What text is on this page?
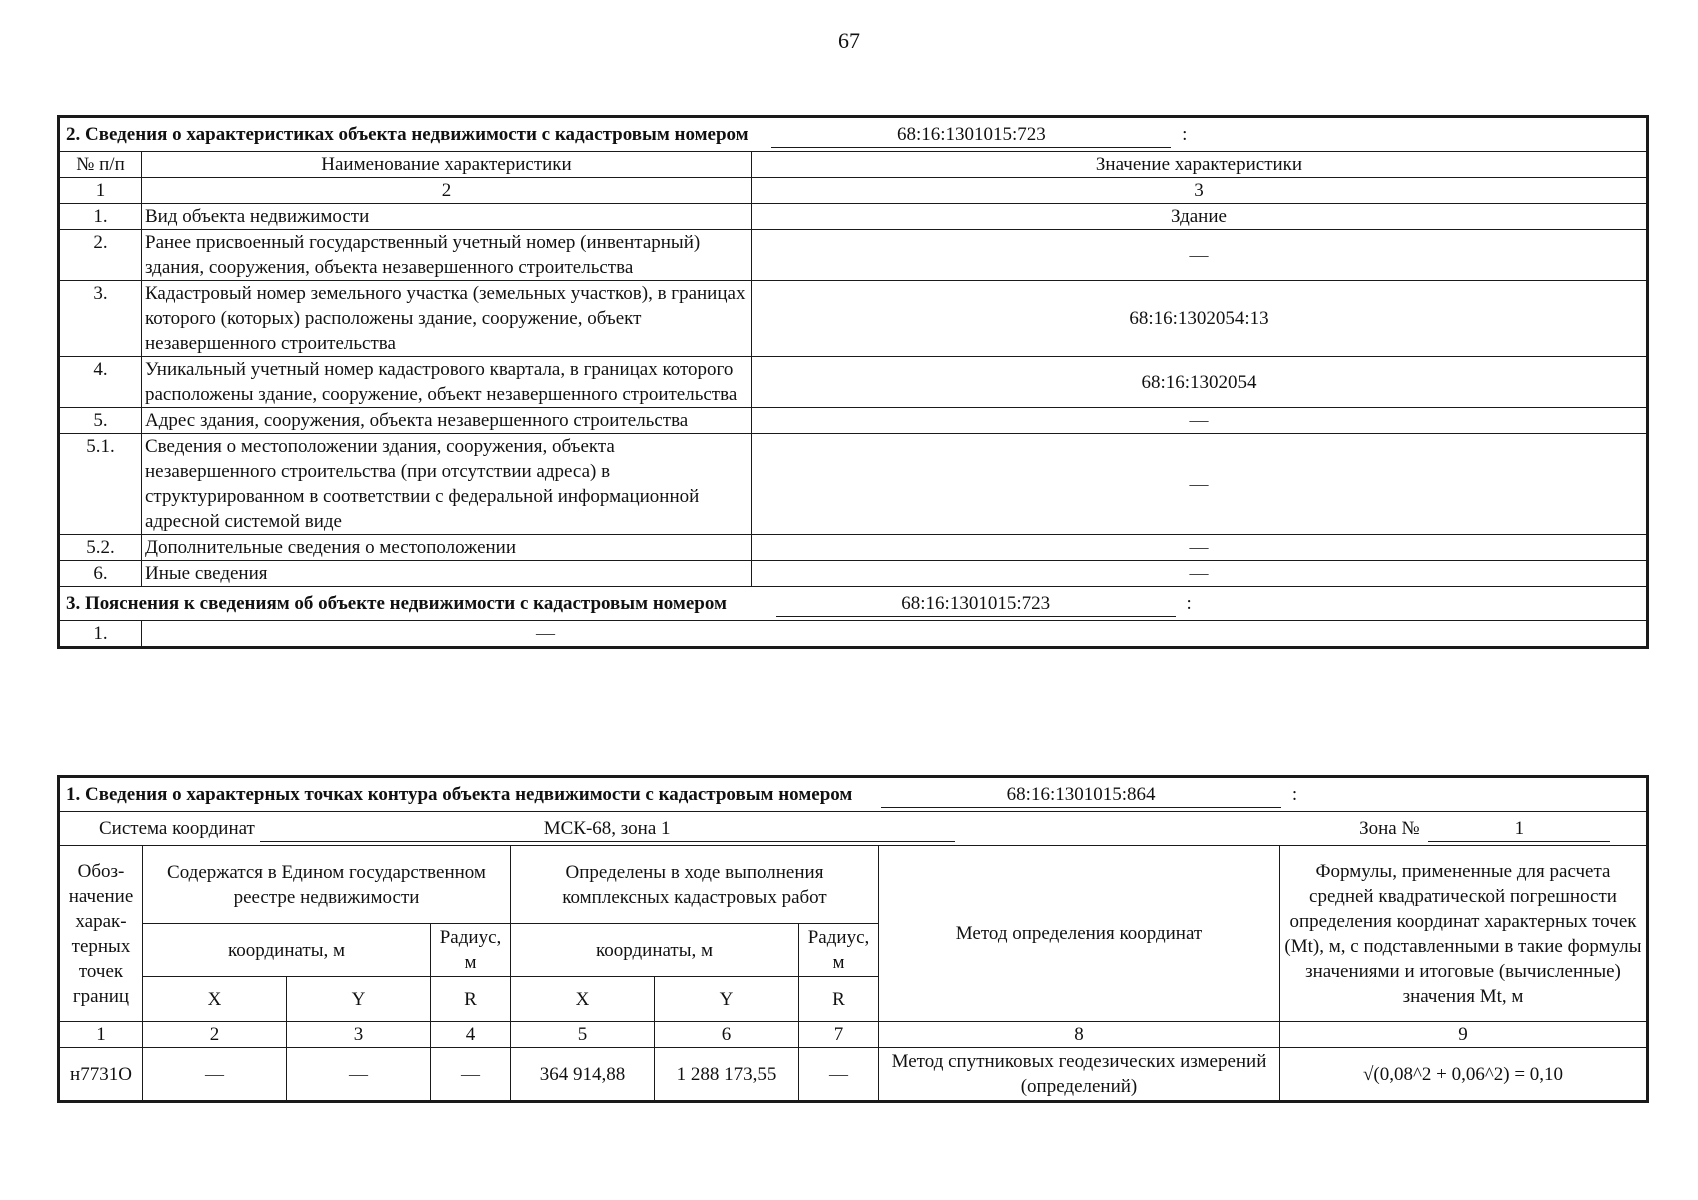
67
2. Сведения о характеристиках объекта недвижимости с кадастровым номером 68:16:1301015:723 :		
№ п/п	Наименование характеристики	Значение характеристики
1	2	3
1.	Вид объекта недвижимости	Здание
2.	Ранее присвоенный государственный учетный номер (инвентарный) здания, сооружения, объекта незавершенного строительства	—
3.	Кадастровый номер земельного участка (земельных участков), в границах которого (которых) расположены здание, сооружение, объект незавершенного строительства	68:16:1302054:13
4.	Уникальный учетный номер кадастрового квартала, в границах которого расположены здание, сооружение, объект незавершенного строительства	68:16:1302054
5.	Адрес здания, сооружения, объекта незавершенного строительства	—
5.1.	Сведения о местоположении здания, сооружения, объекта незавершенного строительства (при отсутствии адреса) в структурированном в соответствии с федеральной информационной адресной системой виде	—
5.2.	Дополнительные сведения о местоположении	—
6.	Иные сведения	—
3. Пояснения к сведениям об объекте недвижимости с кадастровым номером 68:16:1301015:723 :		
1.	—	
1. Сведения о характерных точках контура объекта недвижимости с кадастровым номером 68:16:1301015:864 :								
Система координат МСК-68, зона 1 Зона № 1								
Обоз-начение харак-терных точек границ	Содержатся в Едином государственном реестре недвижимости			Определены в ходе выполнения комплексных кадастровых работ			Метод определения координат	Формулы, примененные для расчета средней квадратической погрешности определения координат характерных точек (Mt), м, с подставленными в такие формулы значениями и итоговые (вычисленные) значения Mt, м
	координаты, м		Радиус, м	координаты, м		Радиус, м		
	X	Y	R	X	Y	R		
1	2	3	4	5	6	7	8	9
н7731О	—	—	—	364 914,88	1 288 173,55	—	Метод спутниковых геодезических измерений (определений)	√(0,08^2 + 0,06^2) = 0,10
